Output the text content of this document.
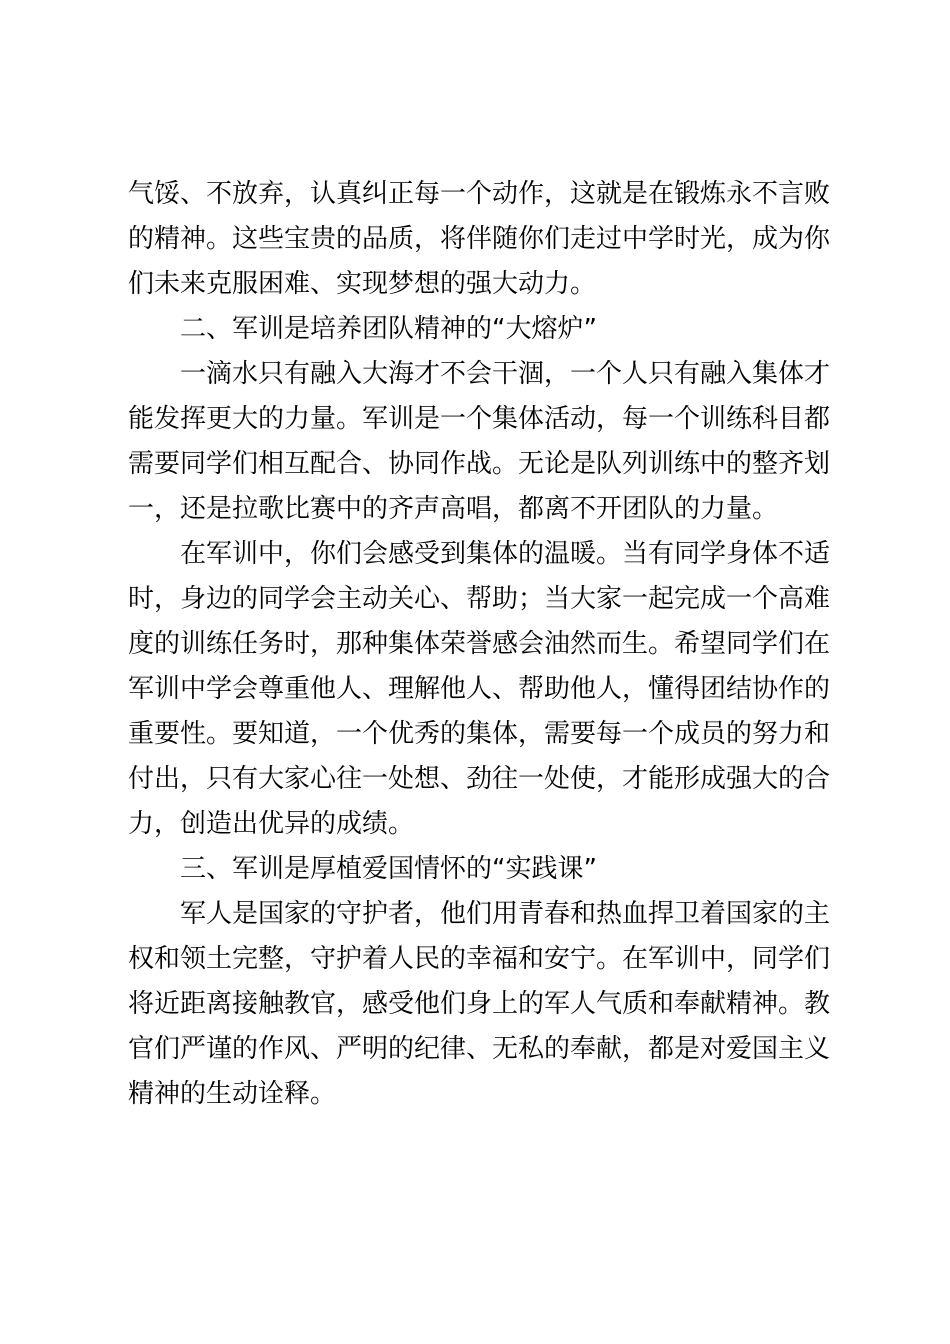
气馁、不放弃，认真纠正每一个动作，这就是在锻炼永不言败的精神。这些宝贵的品质，将伴随你们走过中学时光，成为你们未来克服困难、实现梦想的强大动力。

二、军训是培养团队精神的“大熔炉”

一滴水只有融入大海才不会干涸，一个人只有融入集体才能发挥更大的力量。军训是一个集体活动，每一个训练科目都需要同学们相互配合、协同作战。无论是队列训练中的整齐划一，还是拉歌比赛中的齐声高唱，都离不开团队的力量。

在军训中，你们会感受到集体的温暖。当有同学身体不适时，身边的同学会主动关心、帮助；当大家一起完成一个高难度的训练任务时，那种集体荣誉感会油然而生。希望同学们在军训中学会尊重他人、理解他人、帮助他人，懂得团结协作的重要性。要知道，一个优秀的集体，需要每一个成员的努力和付出，只有大家心往一处想、劲往一处使，才能形成强大的合力，创造出优异的成绩。

三、军训是厚植爱国情怀的“实践课”

军人是国家的守护者，他们用青春和热血捍卫着国家的主权和领土完整，守护着人民的幸福和安宁。在军训中，同学们将近距离接触教官，感受他们身上的军人气质和奉献精神。教官们严谨的作风、严明的纪律、无私的奉献，都是对爱国主义精神的生动诠释。
